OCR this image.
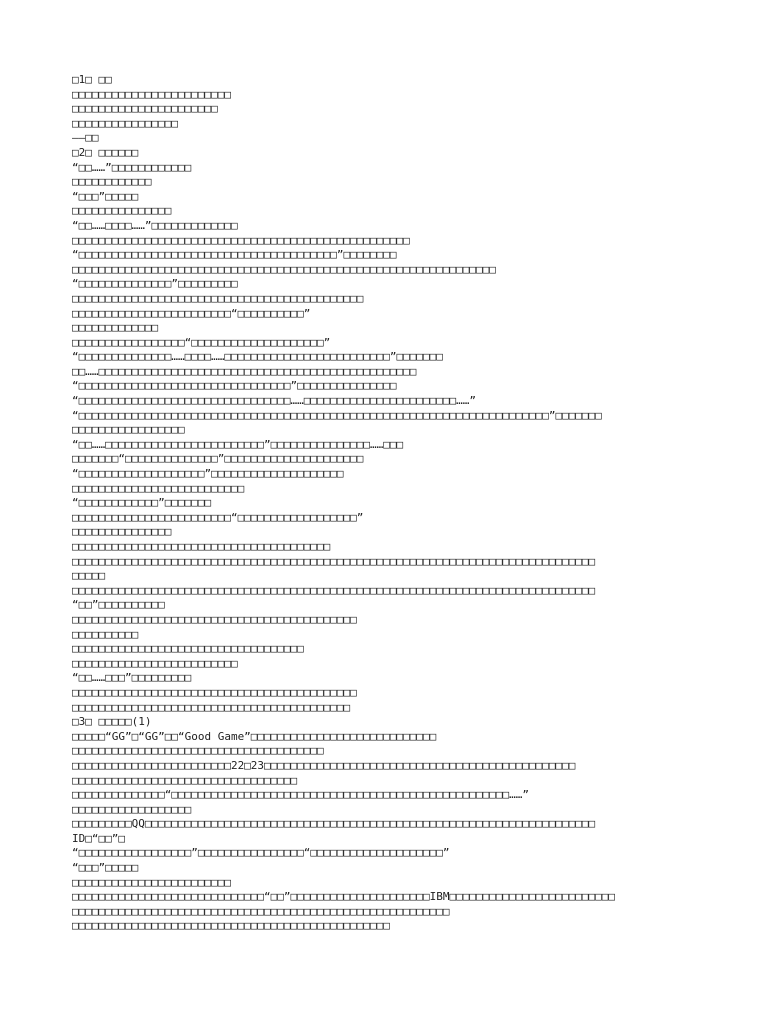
□1□ □□
□□□□□□□□□□□□□□□□□□□□□□□□
□□□□□□□□□□□□□□□□□□□□□□
□□□□□□□□□□□□□□□□
——□□
□2□ □□□□□□
“□□……”□□□□□□□□□□□□
□□□□□□□□□□□□
“□□□”□□□□□
□□□□□□□□□□□□□□□
“□□……□□□□……”□□□□□□□□□□□□□
□□□□□□□□□□□□□□□□□□□□□□□□□□□□□□□□□□□□□□□□□□□□□□□□□□□
“□□□□□□□□□□□□□□□□□□□□□□□□□□□□□□□□□□□□□□□”□□□□□□□□
□□□□□□□□□□□□□□□□□□□□□□□□□□□□□□□□□□□□□□□□□□□□□□□□□□□□□□□□□□□□□□□□
“□□□□□□□□□□□□□□”□□□□□□□□□
□□□□□□□□□□□□□□□□□□□□□□□□□□□□□□□□□□□□□□□□□□□□
□□□□□□□□□□□□□□□□□□□□□□□□“□□□□□□□□□□”
□□□□□□□□□□□□□
□□□□□□□□□□□□□□□□□“□□□□□□□□□□□□□□□□□□□□”
“□□□□□□□□□□□□□□……□□□□……□□□□□□□□□□□□□□□□□□□□□□□□□”□□□□□□□
□□……□□□□□□□□□□□□□□□□□□□□□□□□□□□□□□□□□□□□□□□□□□□□□□□□
“□□□□□□□□□□□□□□□□□□□□□□□□□□□□□□□□”□□□□□□□□□□□□□□□
“□□□□□□□□□□□□□□□□□□□□□□□□□□□□□□□□……□□□□□□□□□□□□□□□□□□□□□□□……”
“□□□□□□□□□□□□□□□□□□□□□□□□□□□□□□□□□□□□□□□□□□□□□□□□□□□□□□□□□□□□□□□□□□□□□□□”□□□□□□□
□□□□□□□□□□□□□□□□□
“□□……□□□□□□□□□□□□□□□□□□□□□□□□”□□□□□□□□□□□□□□□……□□□
□□□□□□□“□□□□□□□□□□□□□□”□□□□□□□□□□□□□□□□□□□□□
“□□□□□□□□□□□□□□□□□□□”□□□□□□□□□□□□□□□□□□□□
□□□□□□□□□□□□□□□□□□□□□□□□□□
“□□□□□□□□□□□□”□□□□□□□
□□□□□□□□□□□□□□□□□□□□□□□□“□□□□□□□□□□□□□□□□□□”
□□□□□□□□□□□□□□□
□□□□□□□□□□□□□□□□□□□□□□□□□□□□□□□□□□□□□□□
□□□□□□□□□□□□□□□□□□□□□□□□□□□□□□□□□□□□□□□□□□□□□□□□□□□□□□□□□□□□□□□□□□□□□□□□□□□□□□□
□□□□□
□□□□□□□□□□□□□□□□□□□□□□□□□□□□□□□□□□□□□□□□□□□□□□□□□□□□□□□□□□□□□□□□□□□□□□□□□□□□□□□
“□□”□□□□□□□□□□
□□□□□□□□□□□□□□□□□□□□□□□□□□□□□□□□□□□□□□□□□□□
□□□□□□□□□□
□□□□□□□□□□□□□□□□□□□□□□□□□□□□□□□□□□□
□□□□□□□□□□□□□□□□□□□□□□□□□
“□□……□□□”□□□□□□□□□
□□□□□□□□□□□□□□□□□□□□□□□□□□□□□□□□□□□□□□□□□□□
□□□□□□□□□□□□□□□□□□□□□□□□□□□□□□□□□□□□□□□□□□
□3□ □□□□□(1)
□□□□□“GG”□“GG”□□“Good Game”□□□□□□□□□□□□□□□□□□□□□□□□□□□□
□□□□□□□□□□□□□□□□□□□□□□□□□□□□□□□□□□□□□□
□□□□□□□□□□□□□□□□□□□□□□□□22□23□□□□□□□□□□□□□□□□□□□□□□□□□□□□□□□□□□□□□□□□□□□□□□□
□□□□□□□□□□□□□□□□□□□□□□□□□□□□□□□□□□
□□□□□□□□□□□□□□“□□□□□□□□□□□□□□□□□□□□□□□□□□□□□□□□□□□□□□□□□□□□□□□□□□□……”
□□□□□□□□□□□□□□□□□□
□□□□□□□□□QQ□□□□□□□□□□□□□□□□□□□□□□□□□□□□□□□□□□□□□□□□□□□□□□□□□□□□□□□□□□□□□□□□□□□□
ID□“□□”□
“□□□□□□□□□□□□□□□□□”□□□□□□□□□□□□□□□□“□□□□□□□□□□□□□□□□□□□□”
“□□□”□□□□□
□□□□□□□□□□□□□□□□□□□□□□□□
□□□□□□□□□□□□□□□□□□□□□□□□□□□□□“□□”□□□□□□□□□□□□□□□□□□□□□IBM□□□□□□□□□□□□□□□□□□□□□□□□□
□□□□□□□□□□□□□□□□□□□□□□□□□□□□□□□□□□□□□□□□□□□□□□□□□□□□□□□□□
□□□□□□□□□□□□□□□□□□□□□□□□□□□□□□□□□□□□□□□□□□□□□□□□
